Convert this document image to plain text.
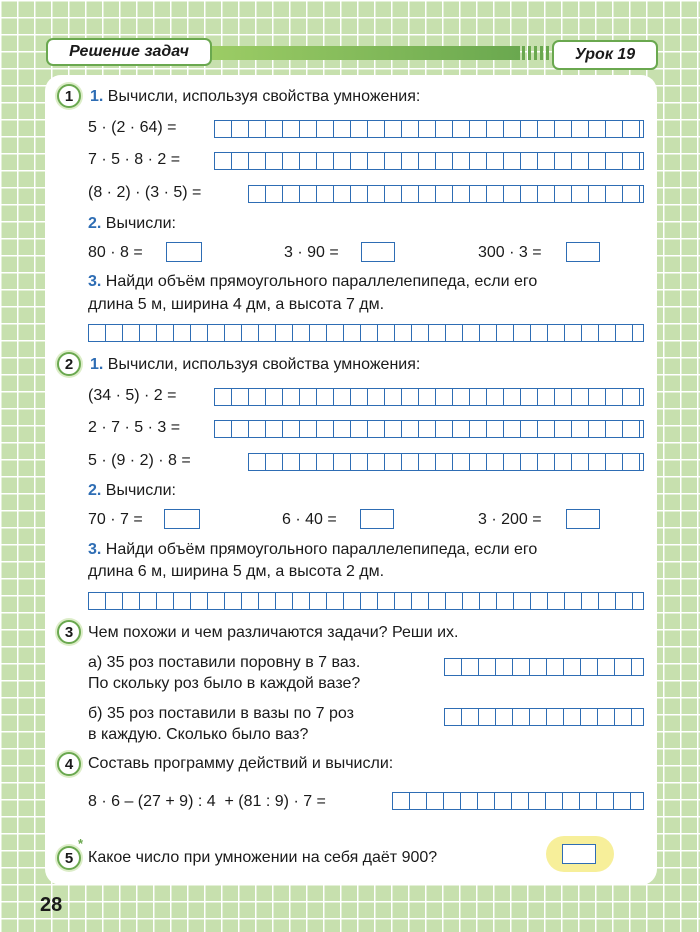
Решение задач	Урок 19
1	1. Вычисли, используя свойства умножения:
5 · (2 · 64) =
7 · 5 · 8 · 2 =
(8 · 2) · (3 · 5) =
2. Вычисли:
80 · 8 =	3 · 90 =	300 · 3 =
3. Найди объём прямоугольного параллелепипеда, если его
длина 5 м, ширина 4 дм, а высота 7 дм.
2	1. Вычисли, используя свойства умножения:
(34 · 5) · 2 =
2 · 7 · 5 · 3 =
5 · (9 · 2) · 8 =
2. Вычисли:
70 · 7 =	6 · 40 =	3 · 200 =
3. Найди объём прямоугольного параллелепипеда, если его
длина 6 м, ширина 5 дм, а высота 2 дм.
3 Чем похожи и чем различаются задачи? Реши их.
а) 35 роз поставили поровну в 7 ваз.
По скольку роз было в каждой вазе?
б) 35 роз поставили в вазы по 7 роз
в каждую. Сколько было ваз?
4 Составь программу действий и вычисли:
8 · 6 – (27 + 9) : 4  + (81 : 9) · 7 =
5
*
Какое число при умножении на себя даёт 900?
28
